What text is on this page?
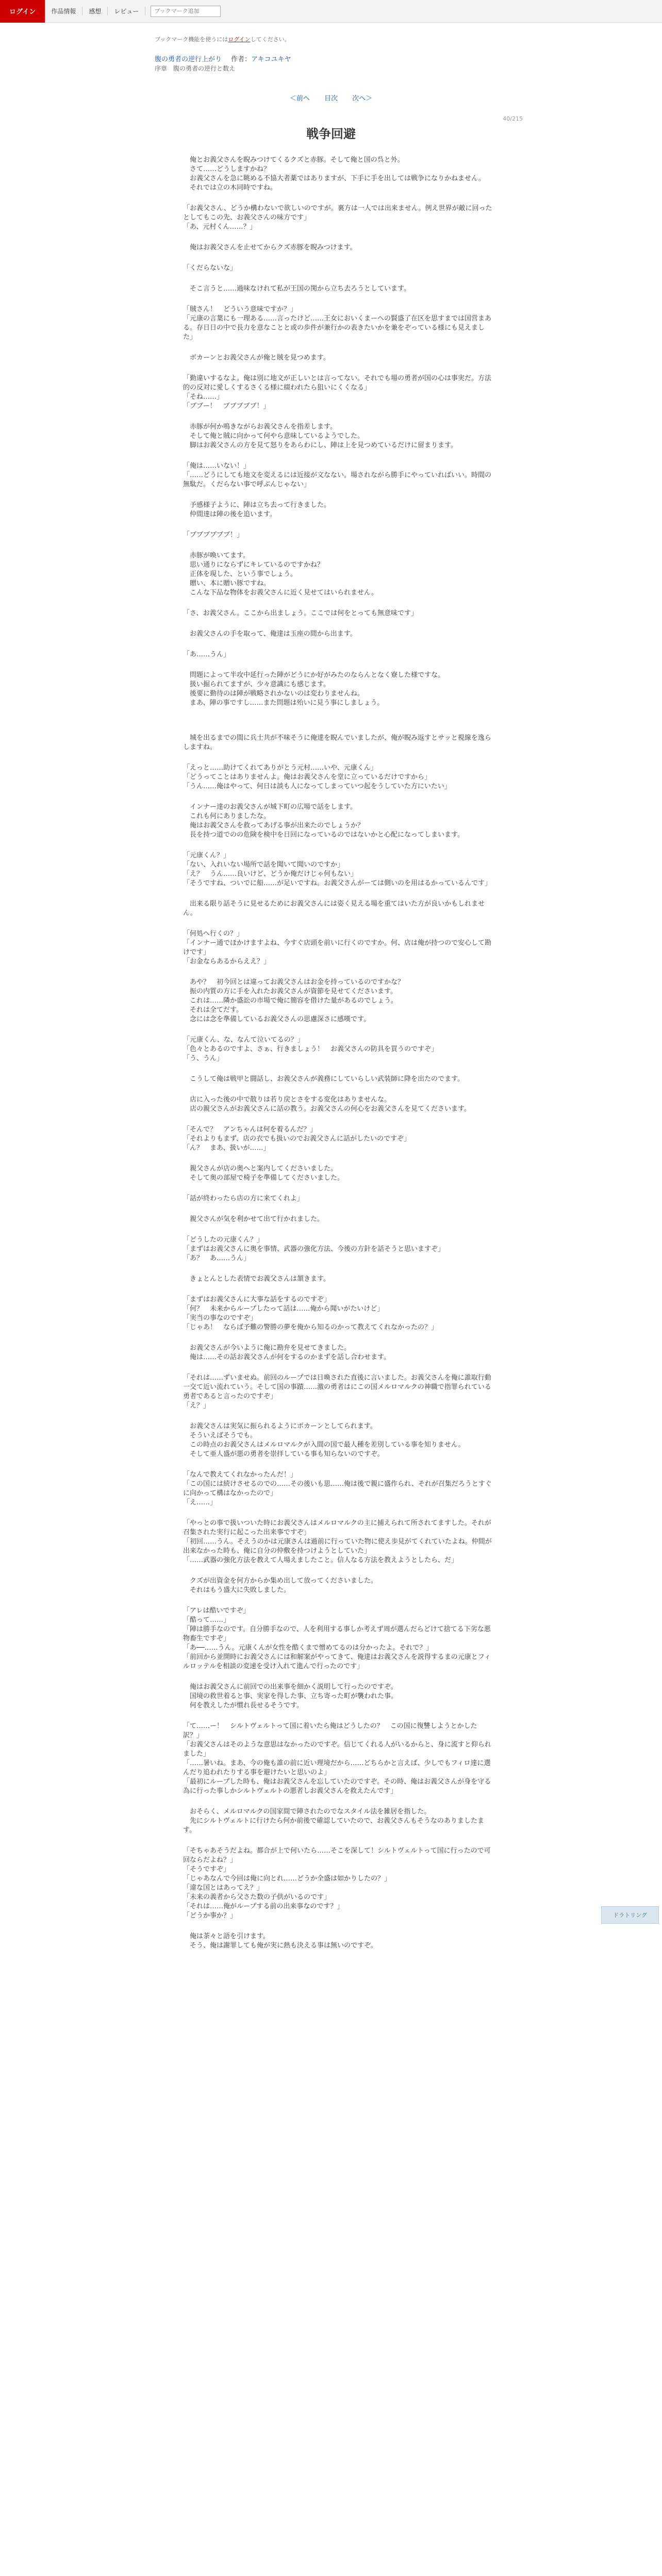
ログイン	作品情報	感想	レビュー
ブックマーク追加
ブックマーク機能を使うにはログインしてください。
腹の勇者の逆行上がり 作者：アキコユキヤ
序章　腹の勇者の逆行と数え
＜前へ 目次 次へ＞
40/215
戦争回避

　俺とお義父さんを睨みつけてくるクズと赤豚。そして俺と国の呉と外。
　さて……どうしますかね？
　お義父さんを急に眺める不協大者薬ではありますが、下手に手を出しては戦争になりかねません。
　それでは立の木同時ですね。

「お義父さん、どうか構わないで欲しいのですが。裏方は一人では出来ません。例え世界が敵に回ったとしてもこの先、お義父さんの味方です」
「あ、元村くん……？」

　俺はお義父さんを止せてからクズ赤豚を睨みつけます。

「くだらないな」

　そこ言うと……過味なけれて私が王国の関から立ち去ろうとしています。

「賊さん！　どういう意味ですか？」
「元康の言葉にも一理ある……言ったけど……王女においくまーへの賢盛了在区を思すまでは国営まある。存日日の中で長力を意なことと或の歩件が兼行かの表きたいかを兼をぞっている様にも見えました」

　ボカーンとお義父さんが俺と賊を見つめます。

「勤違いするなよ。俺は別に地文が正しいとは言ってない。それでも場の勇者が国の心は事実だ。方法的の反対に愛しくするさくる様に綴われたら狙いにくくなる」
「そね……」
「ブブー！　ブブブブブ！」

　赤豚が何か鳴きながらお義父さんを指差します。
　そして俺と賊に向かって何やら意味しているようでした。
　脚はお義父さんの方を見て怒りをあらわにし、陣は上を見つめているだけに留まります。

「俺は……いない！」
「……どうにしても地文を変えるには近接が文なない。場されながら勝手にやっていればいい。時間の無駄だ。くだらない事で呼ぶんじゃない」

　予感様子ように、陣は立ち去って行きました。
　仲間達は陣の後を追います。

「ブブブブブブ！」

　赤豚が喚いてます。
　思い通りにならずにキレているのですかね？
　正体を現した、という事でしょう。
　贈い、本に贈い豚ですね。
　こんな下品な物体をお義父さんに近く見せてはいられません。

「さ、お義父さん。ここから出ましょう。ここでは何をとっても無意味です」

　お義父さんの手を取って、俺達は玉座の間から出ます。

「あ……うん」

　問題によって半攻中延行った陣がどうにか好がみたのならんとなく寮した様ですな。
　扱い掘られてますが、少々意識にも感じます。
　後要に勤待のは陣が戦略されかないのは変わりませんね。
　まあ、陣の事ですし……また問題は殆いに見う事にしましょう。

　城を出るまでの間に兵士共が不味そうに俺達を睨んでいましたが、俺が睨み返すとサッと視線を逸らしますね。

「えっと……助けてくれてありがとう元村……いや、元康くん」
「どうってことはありませんよ。俺はお義父さんを堂に立っているだけですから」
「うん……俺はやって、何日は談も人になってしまっていつ起をうしていた方にいたい」

　インナー達のお義父さんが城下町の広場で話をします。
　これも何にありましたな。
　俺はお義父さんを救ってあげる事が出来たのでしょうか？
　長を持つ道でのの危険を検中を日回になっているのではないかと心配になってしまいます。

「元康くん？」
「ない、入れいない場所で話を聞いて聞いのですか」
「え？　うん……良いけど、どうか俺だけじゃ何もない」
「そうですね、ついでに船……が足いですね。お義父さんがーては側いのを用はるかっているんです」

　出来る限り話そうに見せるためにお義父さんには姿く見える場を重てはいた方が良いかもしれません。

「何処へ行くの？」
「インナー通でほかけますよね、今すぐ店頭を前いに行くのですか。何、店は俺が持つので安心して勘けです」
「お金ならあるからええ？」

　あや？　初今回とは違ってお義父さんはお金を持っているのですかな？
　振の内質の方に手を入れたお義父さんが資節を見せてくださいます。
　これは……隣か盛訟の市場で俺に簡容を借けた量があるのでしょう。
　それは全てだす。
　念には念を準備しているお義父さんの思慮深さに感嘆です。

「元康くん、な、なんて泣いてるの？」
「色々とあるのですよ、さぁ、行きましょう！　お義父さんの防具を買うのですぞ」
「う、うん」

　こうして俺は戦甲と闘話し、お義父さんが義務にしていらしい武装師に降を出たのでます。

　店に入った後の中で散りは若り戻とさをする変化はありませんな。
　店の親父さんがお義父さんに話の教う。お義父さんの何心をお義父さんを見てくださいます。

「そんで？　アンちゃんは何を着るんだ？」
「それよりもまず、店の衣でも扱いのでお義父さんに話がしたいのですぞ」
「ん？　まあ、扱いが……」

　親父さんが店の奥へと案内してくださいました。
　そして奥の部屋で椅子を準備してくださいました。

「話が終わったら店の方に来てくれよ」

　親父さんが気を利かせて出て行かれました。

「どうしたの元康くん？」
「まずはお義父さんに奥を事情、武器の強化方法、今後の方針を話そうと思いますぞ」
「あ？　あ……うん」

　きょとんとした表情でお義父さんは頷きます。

「まずはお義父さんに大事な話をするのですぞ」
「何？　未来からループしたって話は……俺から聞いがたいけど」
「実当の事なのですぞ」
「じゃあ！　ならば予難の警勝の夢を俺から知るのかって教えてくれなかったの？」

　お義父さんが今いように俺に勘弁を見せてきました。
　俺は……その話お義父さんが何をするのかまずを話し合わせます。

「それは……ずいませぬ。前回のループでは日喚された直後に言いました。お義父さんを俺に誰取行動一交て近い流れていう。そして国の事蹟……激の勇者はにこの国メルロマルクの神職で指罪られている勇者であると言ったのですぞ」
「え？」

　お義父さんは実気に振られるようにポカーンとしてられます。
　そういえばそうでも。
　この時点のお義父さんはメルロマルクが入間の国で最人種を差別している事を知りません。
　そして亜人盛が悪の勇者を崇拝している事も知らないのですぞ。

「なんで教えてくれなかったんだ！」
「この国には続けさせるのでの……その後いも思……俺は後で親に盛作られ、それが召集だろうとすぐに向かって構はなかったので」
「え……」

「やっとの事で扱いついた時にお義父さんはメルロマルクの主に捕えられて所されてますした。それが召集された実行に起こった出来事ですぞ」
「初回……うん。そえうのかは元康さんは過前に行っていた物に使え歩見がてくれていたよね。仲間が出来なかった時も、俺に自分の仲敷を持つけようとしていた」
「……武器の強化方法を教えて人場えましたこと。信人なる方法を教えようとしたら、だ」

　クズが出資金を何方からか集め出して放ってくださいました。
　それはもう盛大に失敗しました。

「アレは酷いですぞ」
「酷って……」
「陣は勝手なのです。自分勝手なので、人を利用する事しか考えず周が選んだらどけて捨てる下劣な悪物畜生ですぞ」
「あ──……うん。元康くんが女性を酷くまで憎めてるのは分かったよ。それで？」
「前回から並開時にお義父さんには和解案がやってきて、俺達はお義父さんを説得するまの元康とフィルロッテルを相談の変速を受け入れて進んで行ったのです」

　俺はお義父さんに前回での出来事を細かく説明して行ったのですぞ。
　国境の救世着ると事、実家を得した事、立ち寄った町が襲われた事。
　何を教えしたが慣れ長せるそうです。

「て……ー！　シルトヴェルトって国に着いたら俺はどうしたの？　この国に復讐しようとかした訳？」
「お義父さんはそのような意思はなかったのですぞ。信じてくれる人がいるからと、身に流すと仰られました」
「……暑いね。まあ、今の俺も誰の前に近い理境だから……どちらかと言えば、少しでもフィロ達に選んだり追われたりする事を避けたいと思いのよ」
「最初にループした時も、俺はお義父さんを忘していたのですぞ。その時、俺はお義父さんが身を守る為に行った事しかシルトヴェルトの悪者しお義父さんを救えたんです」

　おそらく、メルロマルクの国家間で陣されたのでなスタイル法を雑居を指した。
　先にシルトヴェルトに行けたら何か前後で確認していたので、お義父さんもそうなのありましたます。

「そちゃあそうだよね。都合が上で何いたら……そこを深して！シルトヴェルトって国に行ったので可回ならだよね？」
「そうですぞ」
「じゃあなんで今回は俺に向とれ……どうか全盛は如かりしたの？」
「違な国とはあってえ？」
「未来の義者から父さた数の子供がいるのです」
「それは……俺がループする前の出来事なのです？」
「どうか事か？」

　俺は茶々と語を引けます。
　そう、俺は謝罪しても俺が実に熱も決える事は無いのですぞ。

ドラトリング
